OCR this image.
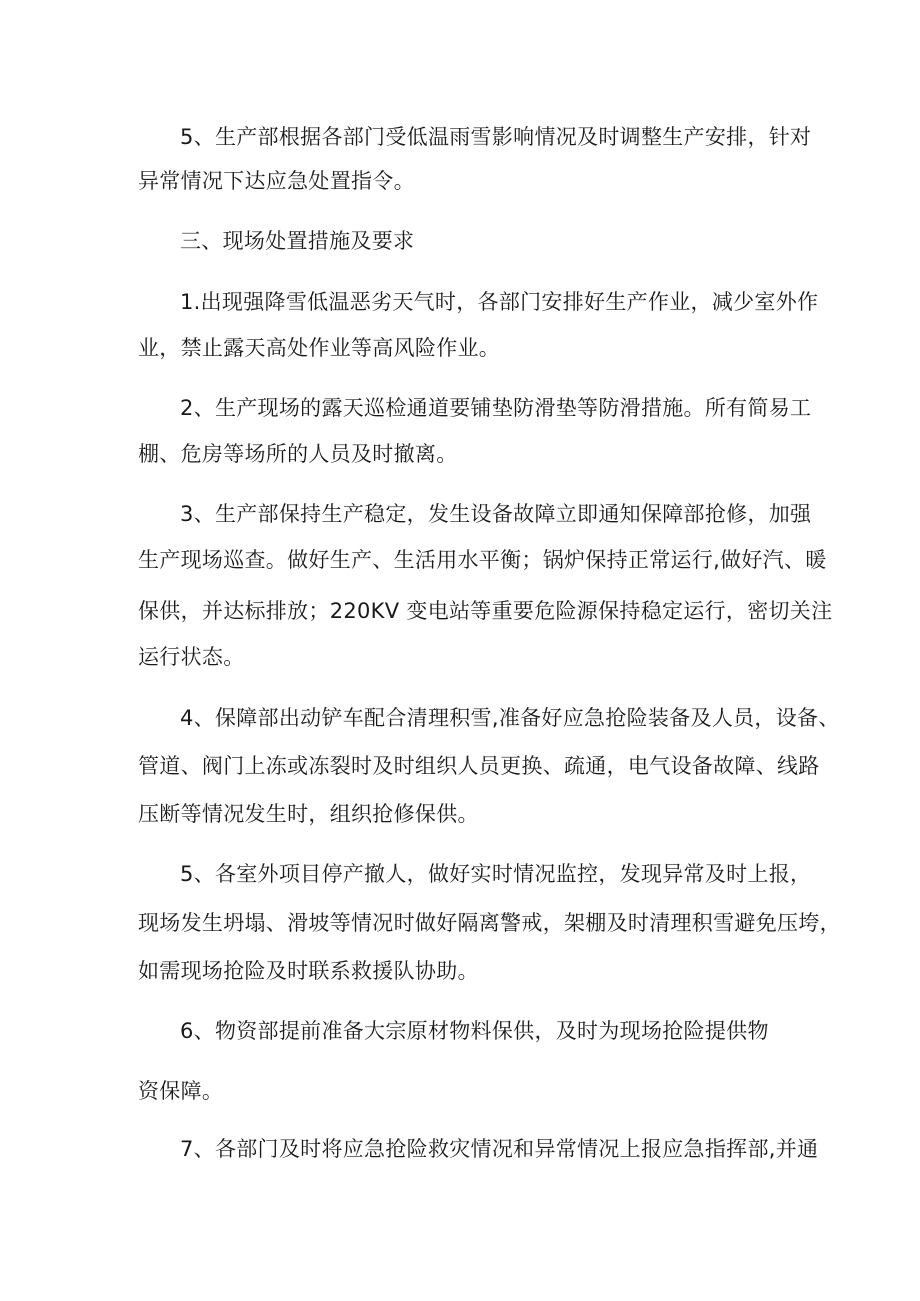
5、生产部根据各部门受低温雨雪影响情况及时调整生产安排，针对
异常情况下达应急处置指令。
三、现场处置措施及要求
1.出现强降雪低温恶劣天气时，各部门安排好生产作业，减少室外作
业，禁止露天高处作业等高风险作业。
2、生产现场的露天巡检通道要铺垫防滑垫等防滑措施。所有简易工
棚、危房等场所的人员及时撤离。
3、生产部保持生产稳定，发生设备故障立即通知保障部抢修，加强
生产现场巡查。做好生产、生活用水平衡；锅炉保持正常运行,做好汽、暖
保供，并达标排放；220KV 变电站等重要危险源保持稳定运行，密切关注
运行状态。
4、保障部出动铲车配合清理积雪,准备好应急抢险装备及人员，设备、
管道、阀门上冻或冻裂时及时组织人员更换、疏通，电气设备故障、线路
压断等情况发生时，组织抢修保供。
5、各室外项目停产撤人，做好实时情况监控，发现异常及时上报，
现场发生坍塌、滑坡等情况时做好隔离警戒，架棚及时清理积雪避免压垮，
如需现场抢险及时联系救援队协助。
6、物资部提前准备大宗原材物料保供，及时为现场抢险提供物
资保障。
7、各部门及时将应急抢险救灾情况和异常情况上报应急指挥部,并通
